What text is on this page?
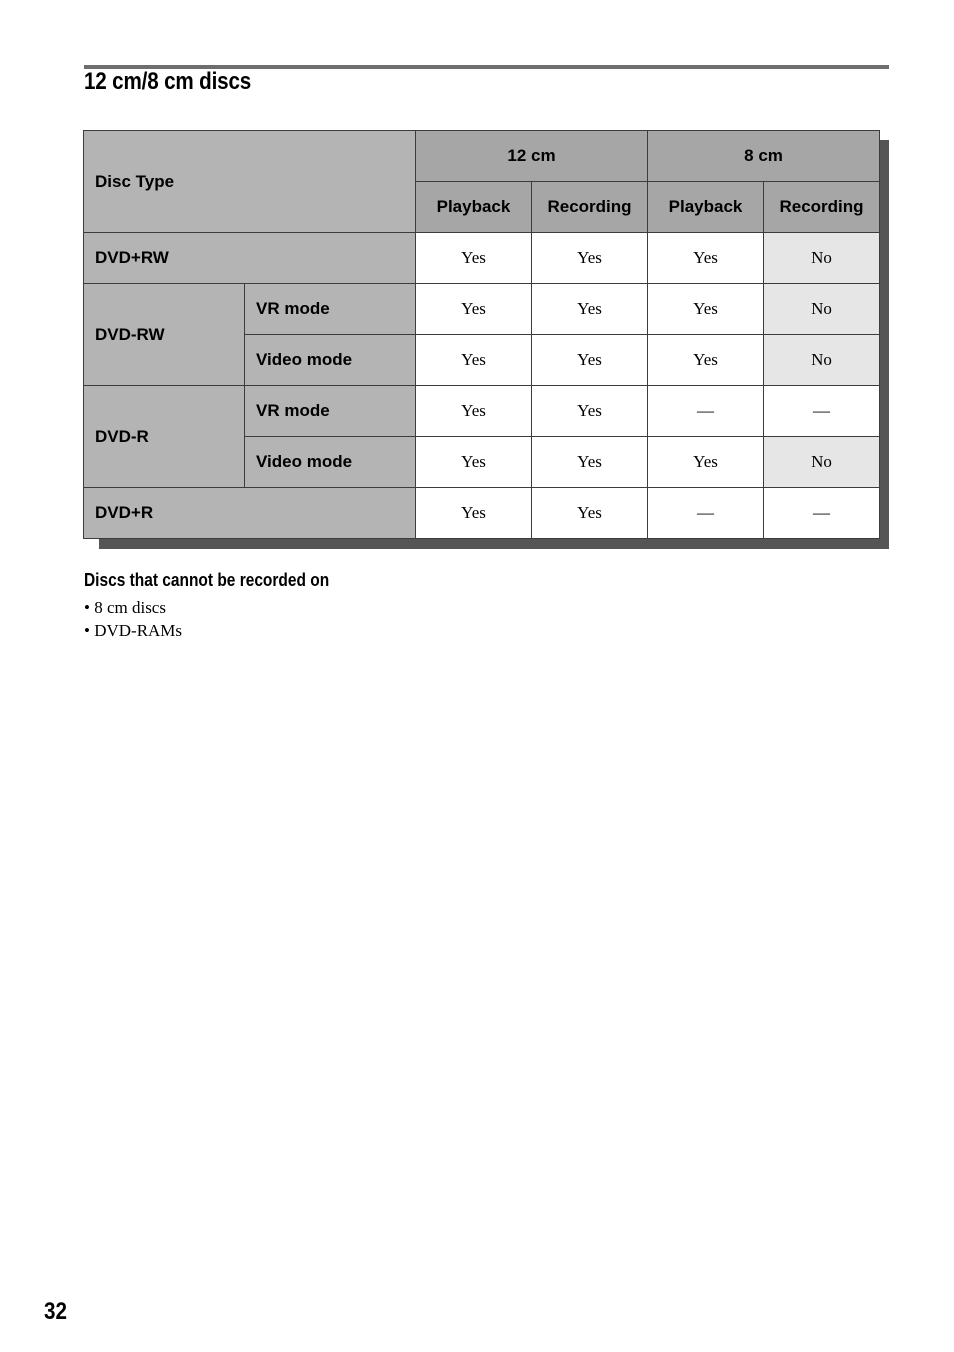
12 cm/8 cm discs
Disc Type		12 cm		8 cm	
		Playback	Recording	Playback	Recording
DVD+RW		Yes	Yes	Yes	No
DVD-RW	VR mode	Yes	Yes	Yes	No
	Video mode	Yes	Yes	Yes	No
DVD-R	VR mode	Yes	Yes	—	—
	Video mode	Yes	Yes	Yes	No
DVD+R		Yes	Yes	—	—
Discs that cannot be recorded on
• 8 cm discs
• DVD-RAMs
32
